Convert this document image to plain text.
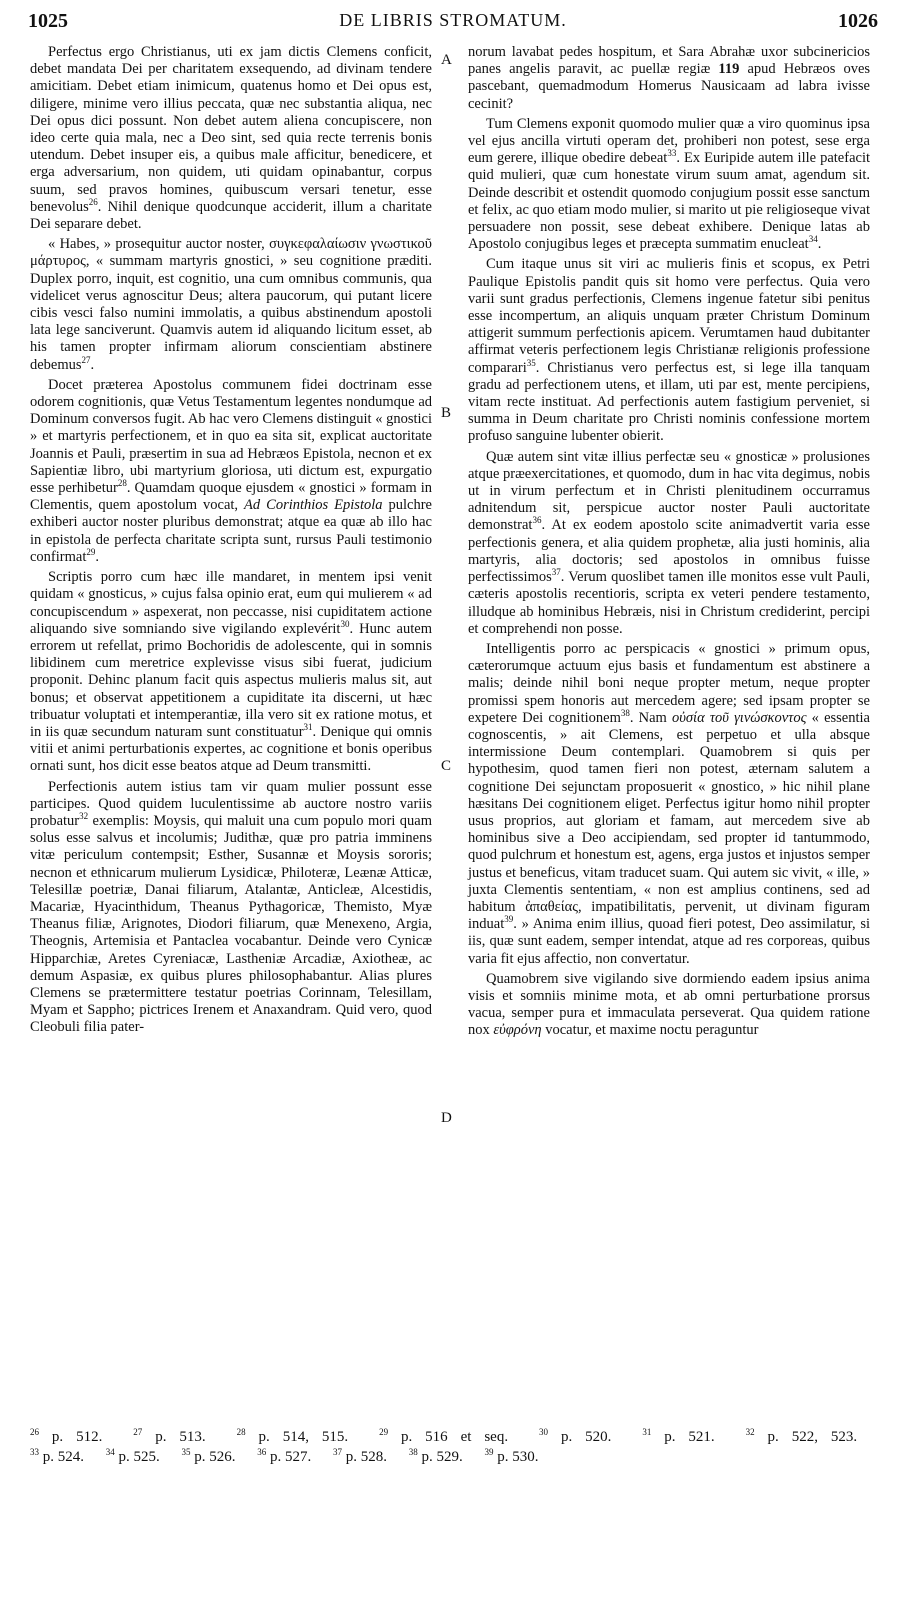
1025	DE LIBRIS STROMATUM.	1026
A
B
C
D

Perfectus ergo Christianus, uti ex jam dictis Clemens conficit, debet mandata Dei per charitatem exsequendo, ad divinam tendere amicitiam. Debet etiam inimicum, quatenus homo et Dei opus est, diligere, minime vero illius peccata, quæ nec substantia aliqua, nec Dei opus dici possunt. Non debet autem aliena concupiscere, non ideo certe quia mala, nec a Deo sint, sed quia recte terrenis bonis utendum. Debet insuper eis, a quibus male afficitur, benedicere, et erga adversarium, non quidem, uti quidam opinabantur, corpus suum, sed pravos homines, quibuscum versari tenetur, esse benevolus$^{26}$. Nihil denique quodcunque acciderit, illum a charitate Dei separare debet.

« Habes, » prosequitur auctor noster, συγκεφαλαίωσιν γνωστικοῦ μάρτυρος, « summam martyris gnostici, » seu cognitione præditi. Duplex porro, inquit, est cognitio, una cum omnibus communis, qua videlicet verus agnoscitur Deus; altera paucorum, qui putant licere cibis vesci falso numini immolatis, a quibus abstinendum apostoli lata lege sanciverunt. Quamvis autem id aliquando licitum esset, ab his tamen propter infirmam aliorum conscientiam abstinere debemus$^{27}$.

Docet præterea Apostolus communem fidei doctrinam esse odorem cognitionis, quæ Vetus Testamentum legentes nondumque ad Dominum conversos fugit. Ab hac vero Clemens distinguit « gnostici » et martyris perfectionem, et in quo ea sita sit, explicat auctoritate Joannis et Pauli, præsertim in sua ad Hebræos Epistola, necnon et ex Sapientiæ libro, ubi martyrium gloriosa, uti dictum est, expurgatio esse perhibetur$^{28}$. Quamdam quoque ejusdem « gnostici » formam in Clementis, quem apostolum vocat, Ad Corinthios Epistola pulchre exhiberi auctor noster pluribus demonstrat; atque ea quæ ab illo hac in epistola de perfecta charitate scripta sunt, rursus Pauli testimonio confirmat$^{29}$.

Scriptis porro cum hæc ille mandaret, in mentem ipsi venit quidam « gnosticus, » cujus falsa opinio erat, eum qui mulierem « ad concupiscendum » aspexerat, non peccasse, nisi cupiditatem actione aliquando sive somniando sive vigilando explevérit$^{30}$. Hunc autem errorem ut refellat, primo Bochoridis de adolescente, qui in somnis libidinem cum meretrice explevisse visus sibi fuerat, judicium proponit. Dehinc planum facit quis aspectus mulieris malus sit, aut bonus; et observat appetitionem a cupiditate ita discerni, ut hæc tribuatur voluptati et intemperantiæ, illa vero sit ex ratione motus, et in iis quæ secundum naturam sunt constituatur$^{31}$. Denique qui omnis vitii et animi perturbationis expertes, ac cognitione et bonis operibus ornati sunt, hos dicit esse beatos atque ad Deum transmitti.

Perfectionis autem istius tam vir quam mulier possunt esse participes. Quod quidem luculentissime ab auctore nostro variis probatur$^{32}$ exemplis: Moysis, qui maluit una cum populo mori quam solus esse salvus et incolumis; Judithæ, quæ pro patria imminens vitæ periculum contempsit; Esther, Susannæ et Moysis sororis; necnon et ethnicarum mulierum Lysidicæ, Philoteræ, Leænæ Atticæ, Telesillæ poetriæ, Danai filiarum, Atalantæ, Anticleæ, Alcestidis, Macariæ, Hyacinthidum, Theanus Pythagoricæ, Themisto, Myæ Theanus filiæ, Arignotes, Diodori filiarum, quæ Menexeno, Argia, Theognis, Artemisia et Pantaclea vocabantur. Deinde vero Cynicæ Hipparchiæ, Aretes Cyreniacæ, Lastheniæ Arcadiæ, Axiotheæ, ac demum Aspasiæ, ex quibus plures philosophabantur. Alias plures Clemens se prætermittere testatur poetrias Corinnam, Telesillam, Myam et Sappho; pictrices Irenem et Anaxandram. Quid vero, quod Cleobuli filia pater-

norum lavabat pedes hospitum, et Sara Abrahæ uxor subcinericios panes angelis paravit, ac puellæ regiæ 119 apud Hebræos oves pascebant, quemadmodum Homerus Nausicaam ad labra ivisse cecinit?

Tum Clemens exponit quomodo mulier quæ a viro quominus ipsa vel ejus ancilla virtuti operam det, prohiberi non potest, sese erga eum gerere, illique obedire debeat$^{33}$. Ex Euripide autem ille patefacit quid mulieri, quæ cum honestate virum suum amat, agendum sit. Deinde describit et ostendit quomodo conjugium possit esse sanctum et felix, ac quo etiam modo mulier, si marito ut pie religioseque vivat persuadere non possit, sese debeat exhibere. Denique latas ab Apostolo conjugibus leges et præcepta summatim enucleat$^{34}$.

Cum itaque unus sit viri ac mulieris finis et scopus, ex Petri Paulique Epistolis pandit quis sit homo vere perfectus. Quia vero varii sunt gradus perfectionis, Clemens ingenue fatetur sibi penitus esse incompertum, an aliquis unquam præter Christum Dominum attigerit summum perfectionis apicem. Verumtamen haud dubitanter affirmat veteris perfectionem legis Christianæ religionis professione comparari$^{35}$. Christianus vero perfectus est, si lege illa tanquam gradu ad perfectionem utens, et illam, uti par est, mente percipiens, vitam recte instituat. Ad perfectionis autem fastigium perveniet, si summa in Deum charitate pro Christi nominis confessione mortem profuso sanguine lubenter obierit.

Quæ autem sint vitæ illius perfectæ seu « gnosticæ » prolusiones atque præexercitationes, et quomodo, dum in hac vita degimus, nobis ut in virum perfectum et in Christi plenitudinem occurramus adnitendum sit, perspicue auctor noster Pauli auctoritate demonstrat$^{36}$. At ex eodem apostolo scite animadvertit varia esse perfectionis genera, et alia quidem prophetæ, alia justi hominis, alia martyris, alia doctoris; sed apostolos in omnibus fuisse perfectissimos$^{37}$. Verum quoslibet tamen ille monitos esse vult Pauli, cæteris apostolis recentioris, scripta ex veteri pendere testamento, illudque ab hominibus Hebræis, nisi in Christum crediderint, percipi et comprehendi non posse.

Intelligentis porro ac perspicacis « gnostici » primum opus, cæterorumque actuum ejus basis et fundamentum est abstinere a malis; deinde nihil boni neque propter metum, neque propter promissi spem honoris aut mercedem agere; sed ipsam propter se expetere Dei cognitionem$^{38}$. Nam οὐσία τοῦ γινώσκοντος « essentia cognoscentis, » ait Clemens, est perpetuo et ulla absque intermissione Deum contemplari. Quamobrem si quis per hypothesim, quod tamen fieri non potest, æternam salutem a cognitione Dei sejunctam proposuerit « gnostico, » hic nihil plane hæsitans Dei cognitionem eliget. Perfectus igitur homo nihil propter usus proprios, aut gloriam et famam, aut mercedem sive ab hominibus sive a Deo accipiendam, sed propter id tantummodo, quod pulchrum et honestum est, agens, erga justos et injustos semper justus et beneficus, vitam traducet suam. Qui autem sic vivit, « ille, » juxta Clementis sententiam, « non est amplius continens, sed ad habitum ἀπαθείας, impatibilitatis, pervenit, ut divinam figuram induat$^{39}$. » Anima enim illius, quoad fieri potest, Deo assimilatur, si iis, quæ sunt eadem, semper intendat, atque ad res corporeas, quibus varia fit ejus affectio, non convertatur.

Quamobrem sive vigilando sive dormiendo eadem ipsius anima visis et somniis minime mota, et ab omni perturbatione prorsus vacua, semper pura et immaculata perseverat. Qua quidem ratione nox εὐφρόνη vocatur, et maxime noctu peraguntur

$^{26}$ p. 512.	$^{27}$ p. 513.	$^{28}$ p. 514, 515.	$^{29}$ p. 516 et seq.	$^{30}$ p. 520.	$^{31}$ p. 521.	$^{32}$ p. 522, 523.
$^{33}$ p. 524. $^{34}$ p. 525. $^{35}$ p. 526. $^{36}$ p. 527. $^{37}$ p. 528. $^{38}$ p. 529. $^{39}$ p. 530.
